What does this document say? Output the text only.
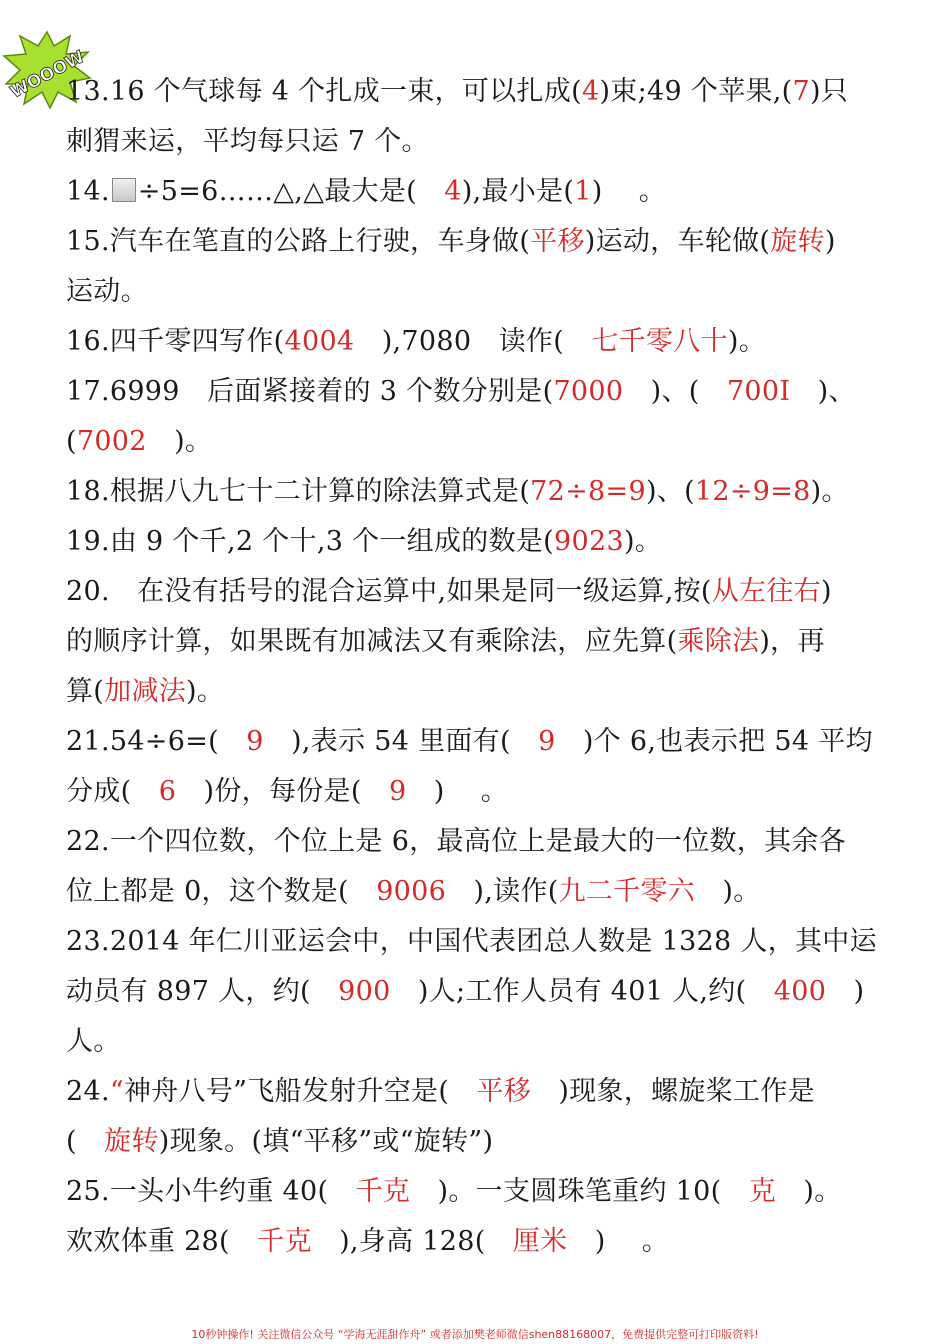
WOOOW
13.16 个气球每 4 个扎成一束，可以扎成(4)束;49 个苹果,(7)只
刺猬来运，平均每只运 7 个。
14. ÷5=6……△,△最大是(　4),最小是(1)　 。
15.汽车在笔直的公路上行驶，车身做(平移)运动，车轮做(旋转)
运动。
16.四千零四写作(4004　),7080　读作(　七千零八十)。
17.6999　后面紧接着的 3 个数分别是(7000　)、(　700I　)、
(7002　)。
18.根据八九七十二计算的除法算式是(72÷8=9)、(12÷9=8)。
19.由 9 个千,2 个十,3 个一组成的数是(9023)。
20.　在没有括号的混合运算中,如果是同一级运算,按(从左往右)
的顺序计算，如果既有加减法又有乘除法，应先算(乘除法)，再
算(加减法)。
21.54÷6=(　9　),表示 54 里面有(　9　)个 6,也表示把 54 平均
分成(　6　)份，每份是(　9　)　 。
22.一个四位数，个位上是 6，最高位上是最大的一位数，其余各
位上都是 0，这个数是(　9006　),读作(九二千零六　)。
23.2014 年仁川亚运会中，中国代表团总人数是 1328 人，其中运
动员有 897 人，约(　900　)人;工作人员有 401 人,约(　400　)
人。
24.“神舟八号”飞船发射升空是(　平移　)现象，螺旋桨工作是
(　旋转)现象。(填“平移”或“旋转”)
25.一头小牛约重 40(　千克　)。一支圆珠笔重约 10(　克　)。
欢欢体重 28(　千克　),身高 128(　厘米　)　 。
10秒钟操作! 关注微信公众号 “学海无涯甜作舟” 或者添加樊老师微信shen88168007，免费提供完整可打印版资料!
